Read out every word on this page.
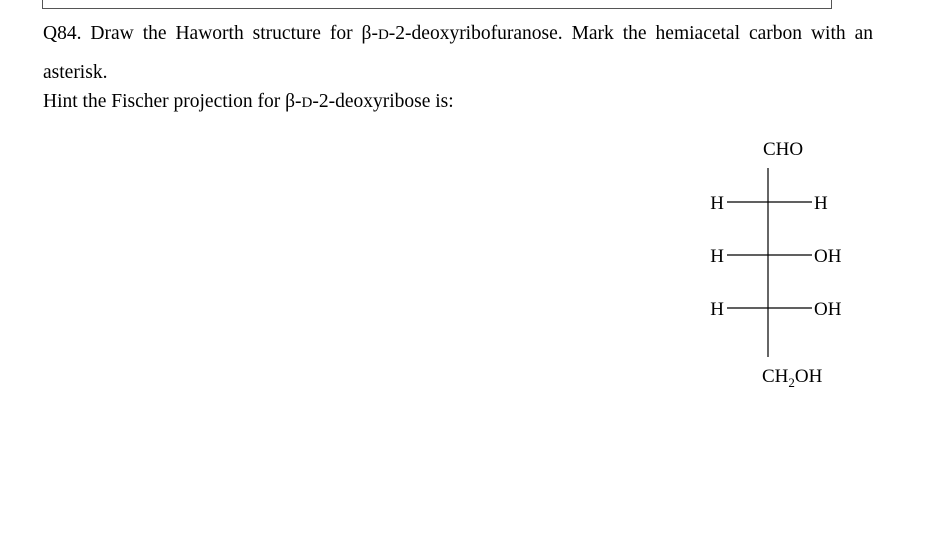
Q84. Draw the Haworth structure for β-D-2-deoxyribofuranose. Mark the hemiacetal carbon with an asterisk.
Hint the Fischer projection for β-D-2-deoxyribose is:
CHO
H
H
H
H
OH
OH
$CH_2OH$
